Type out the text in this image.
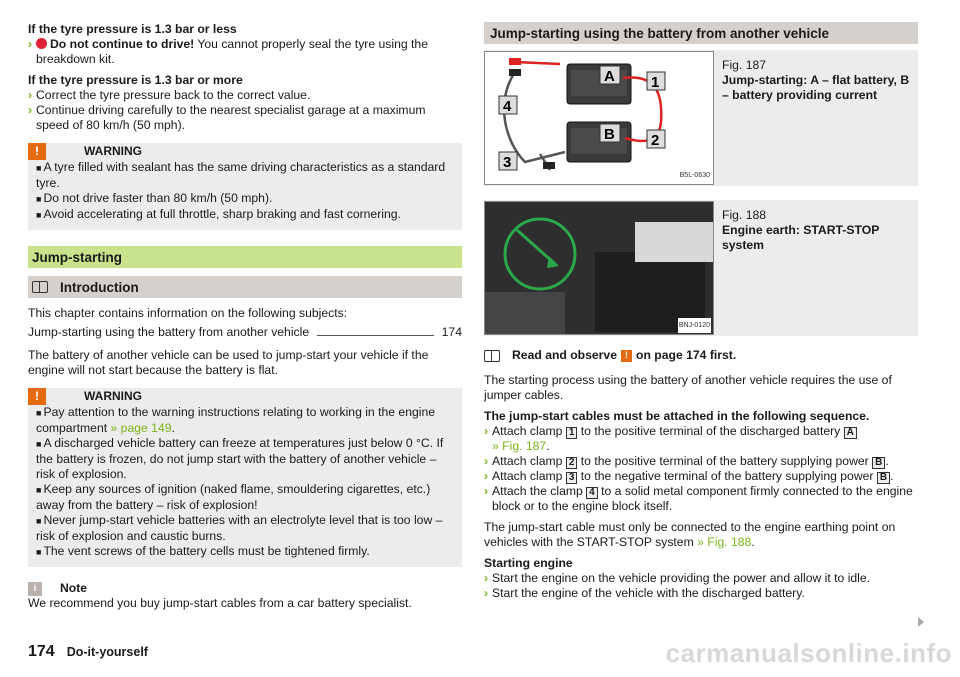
If the tyre pressure is 1.3 bar or less

›	Do not continue to drive! You cannot properly seal the tyre using the breakdown kit.

If the tyre pressure is 1.3 bar or more

› Correct the tyre pressure back to the correct value.
› Continue driving carefully to the nearest specialist garage at a maximum speed of 80 km/h (50 mph).
!	WARNING

■ A tyre filled with sealant has the same driving characteristics as a standard tyre.

■ Do not drive faster than 80 km/h (50 mph).

■ Avoid accelerating at full throttle, sharp braking and fast cornering.

Jump-starting
Introduction

This chapter contains information on the following subjects:

Jump-starting using the battery from another vehicle	174

The battery of another vehicle can be used to jump-start your vehicle if the engine will not start because the battery is flat.

!	WARNING

■ Pay attention to the warning instructions relating to working in the engine compartment » page 149.

■ A discharged vehicle battery can freeze at temperatures just below 0 °C. If the battery is frozen, do not jump start with the battery of another vehicle – risk of explosion.

■ Keep any sources of ignition (naked flame, smouldering cigarettes, etc.) away from the battery – risk of explosion!

■ Never jump-start vehicle batteries with an electrolyte level that is too low – risk of explosion and caustic burns.

■ The vent screws of the battery cells must be tightened firmly.

i	Note

We recommend you buy jump-start cables from a car battery specialist.

Jump-starting using the battery from another vehicle
A
B
1
2
3
4
B5L-0630

Fig. 187

Jump-starting: A – flat battery, B – battery providing current

BNJ-0120

Fig. 188

Engine earth: START-STOP system

Read and observe ! on page 174 first.

The starting process using the battery of another vehicle requires the use of jumper cables.

The jump-start cables must be attached in the following sequence.

› Attach clamp 1 to the positive terminal of the discharged battery A
» Fig. 187.
› Attach clamp 2 to the positive terminal of the battery supplying power B .
› Attach clamp 3 to the negative terminal of the battery supplying power B .
› Attach the clamp 4 to a solid metal component firmly connected to the engine block or to the engine block itself.

The jump-start cable must only be connected to the engine earthing point on vehicles with the START-STOP system » Fig. 188.

Starting engine

› Start the engine on the vehicle providing the power and allow it to idle.
› Start the engine of the vehicle with the discharged battery.
174 Do-it-yourself	carmanualsonline.info
